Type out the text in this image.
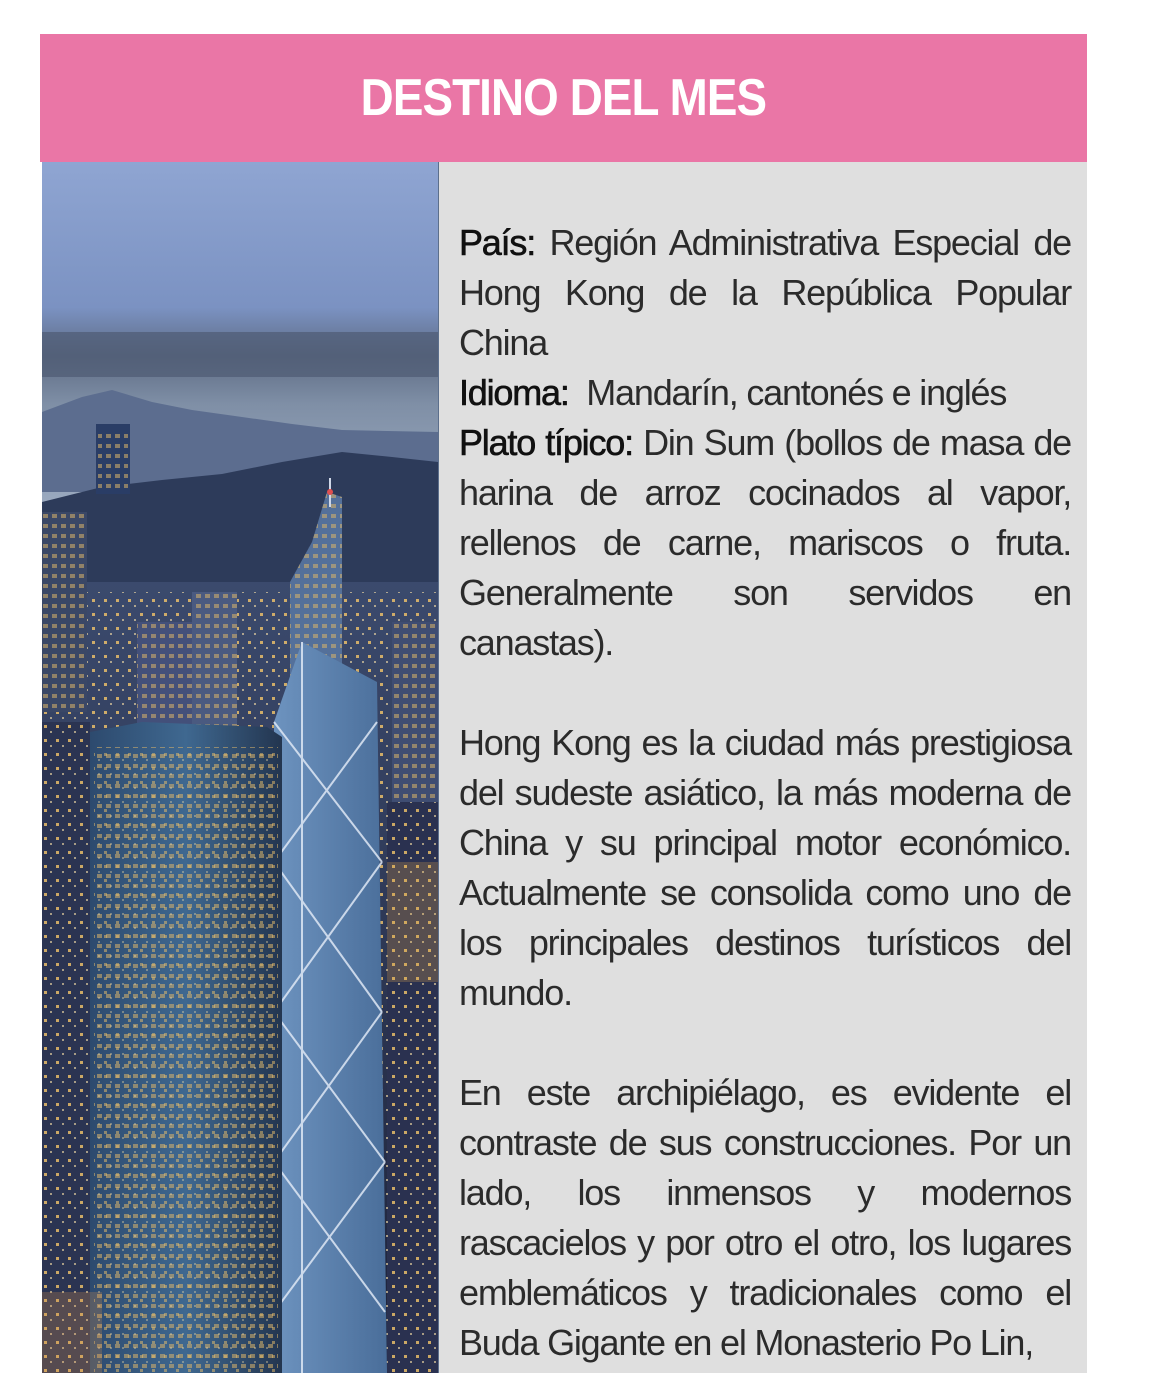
DESTINO DEL MES

País: Región Administrativa Especial de Hong Kong de la República Popular China

Idioma: Mandarín, cantonés e inglés

Plato típico: Din Sum (bollos de masa de harina de arroz cocinados al vapor, rellenos de carne, mariscos o fruta. Generalmente son servidos en canastas).

Hong Kong es la ciudad más prestigiosa del sudeste asiático, la más moderna de China y su principal motor económico. Actualmente se consolida como uno de los principales destinos turísticos del mundo.

En este archipiélago, es evidente el contraste de sus construcciones. Por un lado, los inmensos y modernos rascacielos y por otro el otro, los lugares emblemáticos y tradicionales como el Buda Gigante en el Monasterio Po Lin,
